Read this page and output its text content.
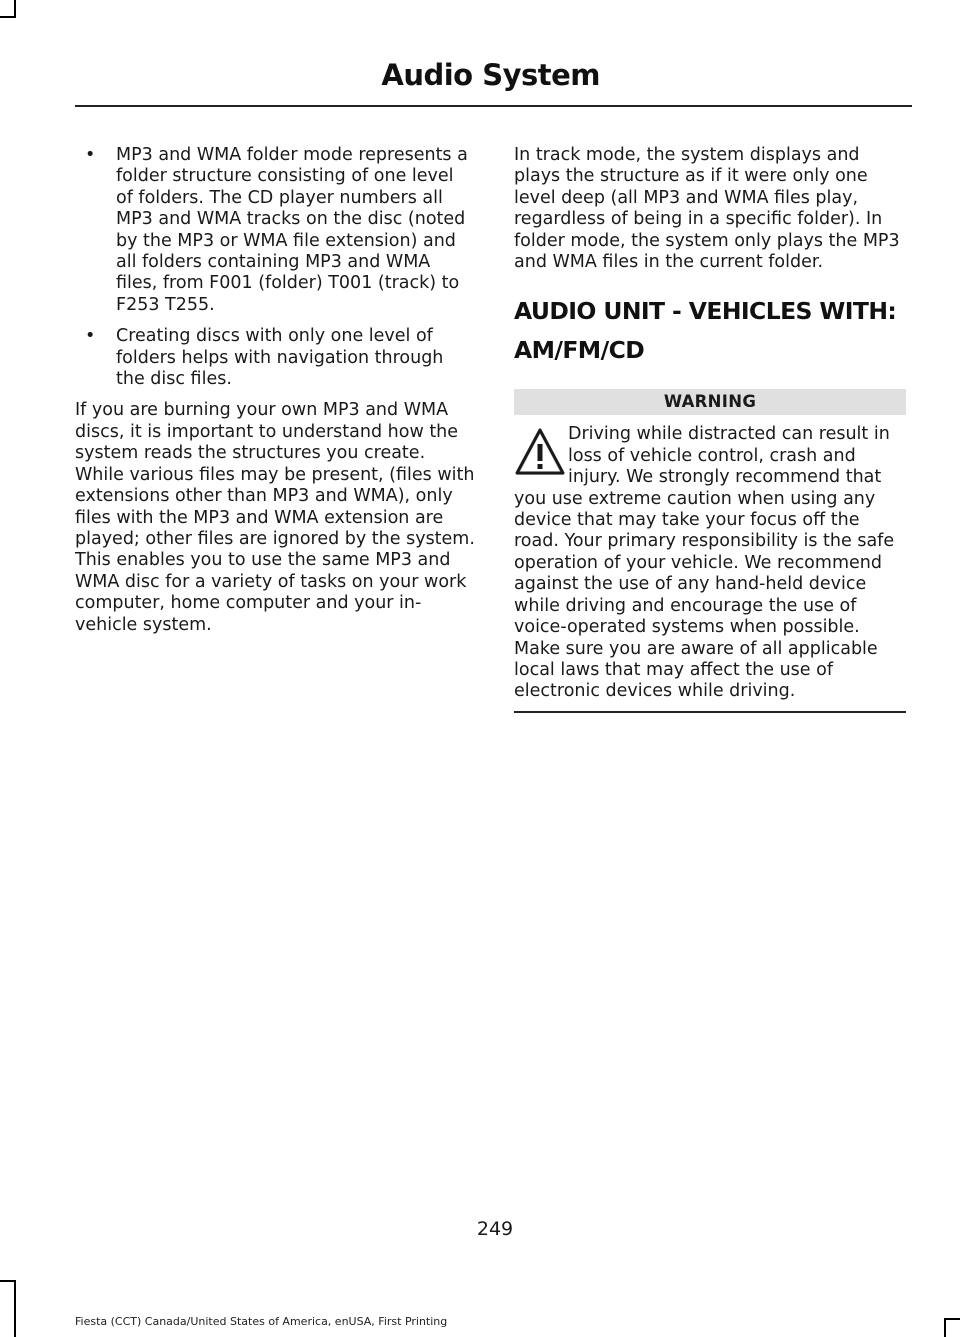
Audio System
• MP3 and WMA folder mode represents a folder structure consisting of one level of folders. The CD player numbers all MP3 and WMA tracks on the disc (noted by the MP3 or WMA file extension) and all folders containing MP3 and WMA files, from F001 (folder) T001 (track) to F253 T255.
• Creating discs with only one level of folders helps with navigation through the disc files.

If you are burning your own MP3 and WMA discs, it is important to understand how the system reads the structures you create. While various files may be present, (files with extensions other than MP3 and WMA), only files with the MP3 and WMA extension are played; other files are ignored by the system. This enables you to use the same MP3 and WMA disc for a variety of tasks on your work computer, home computer and your in-vehicle system.

In track mode, the system displays and plays the structure as if it were only one level deep (all MP3 and WMA files play, regardless of being in a specific folder). In folder mode, the system only plays the MP3 and WMA files in the current folder.

AUDIO UNIT - VEHICLES WITH:
AM/FM/CD
WARNING
Driving while distracted can result in loss of vehicle control, crash and injury. We strongly recommend that you use extreme caution when using any device that may take your focus off the road. Your primary responsibility is the safe operation of your vehicle. We recommend against the use of any hand-held device while driving and encourage the use of voice-operated systems when possible. Make sure you are aware of all applicable local laws that may affect the use of electronic devices while driving.
249
Fiesta (CCT) Canada/United States of America, enUSA, First Printing
